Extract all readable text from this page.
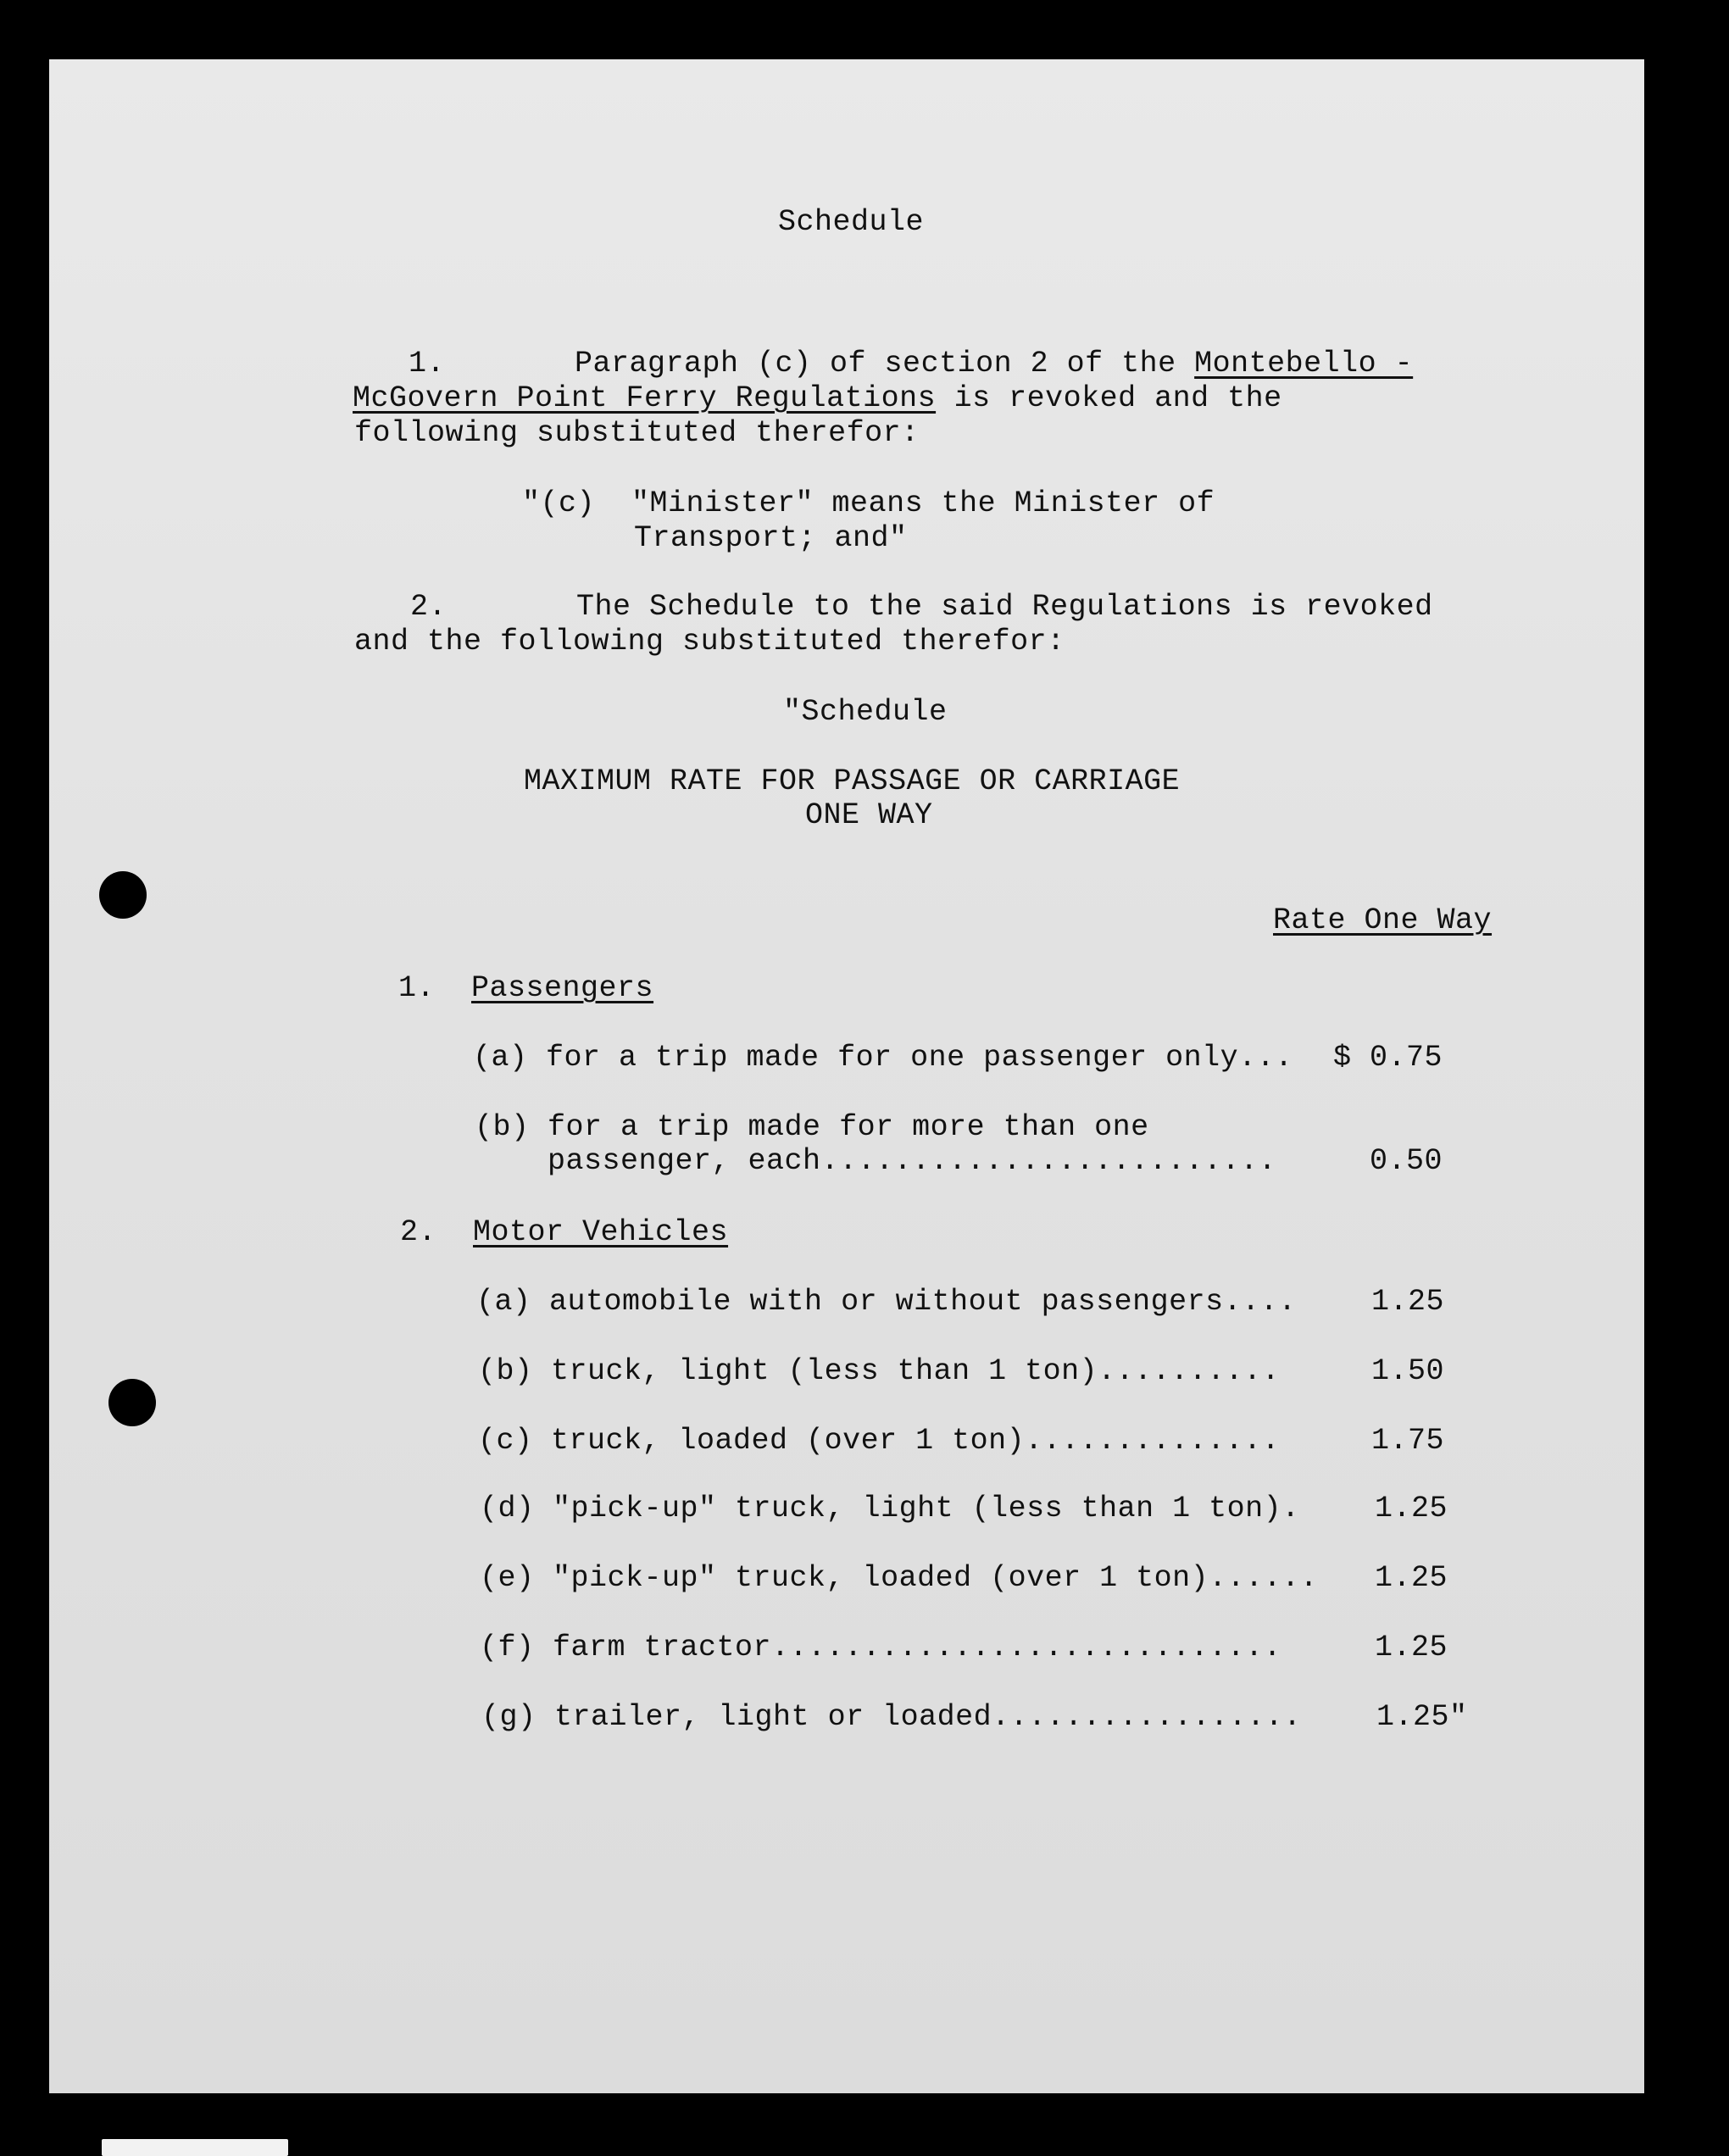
Schedule
1.	Paragraph (c) of section 2 of the Montebello -
McGovern Point Ferry Regulations is revoked and the
following substituted therefor:
"(c)  "Minister" means the Minister of
Transport; and"
2.	The Schedule to the said Regulations is revoked
and the following substituted therefor:
"Schedule
MAXIMUM RATE FOR PASSAGE OR CARRIAGE
ONE WAY
Rate One Way
1. Passengers
(a) for a trip made for one passenger only...	$ 0.75
(b) for a trip made for more than one
passenger, each.........................	0.50
2. Motor Vehicles
(a) automobile with or without passengers....	1.25
(b) truck, light (less than 1 ton)..........	1.50
(c) truck, loaded (over 1 ton)..............	1.75
(d) "pick-up" truck, light (less than 1 ton).	1.25
(e) "pick-up" truck, loaded (over 1 ton)......	1.25
(f) farm tractor............................	1.25
(g) trailer, light or loaded.................	1.25"
